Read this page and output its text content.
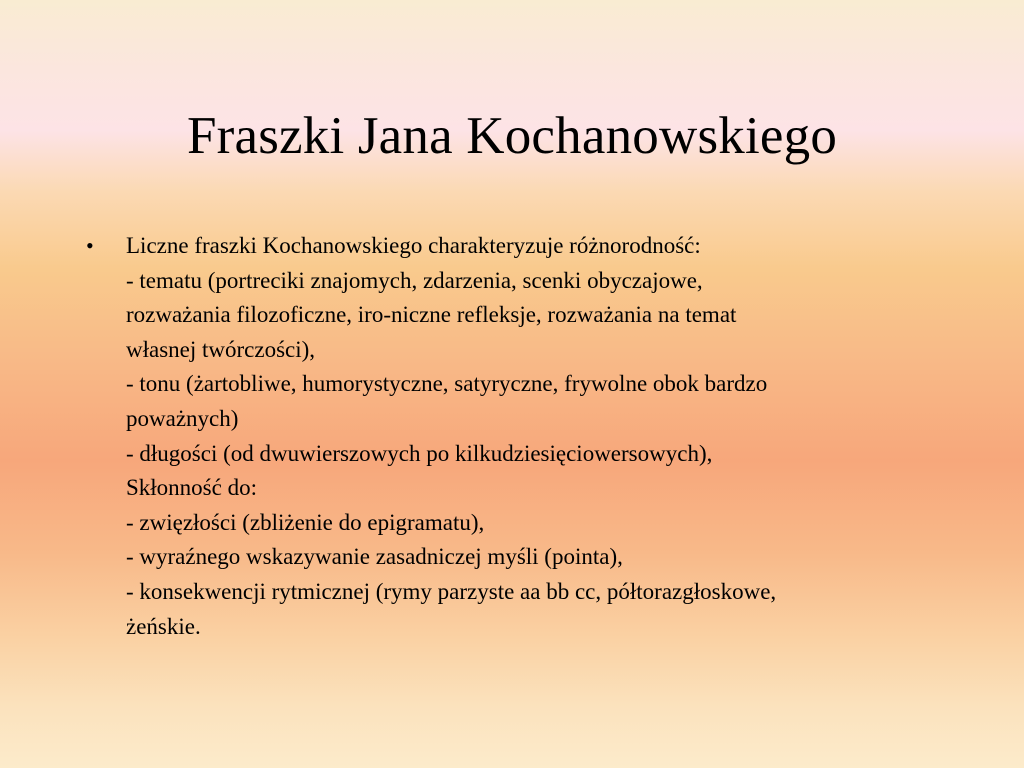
Fraszki Jana Kochanowskiego
•	Liczne fraszki Kochanowskiego charakteryzuje różnorodność:
- tematu (portreciki znajomych, zdarzenia, scenki obyczajowe,
rozważania filozoficzne, iro-niczne refleksje, rozważania na temat
własnej twórczości),
- tonu (żartobliwe, humorystyczne, satyryczne, frywolne obok bardzo
poważnych)
- długości (od dwuwierszowych po kilkudziesięciowersowych),
Skłonność do:
- zwięzłości (zbliżenie do epigramatu),
- wyraźnego wskazywanie zasadniczej myśli (pointa),
- konsekwencji rytmicznej (rymy parzyste aa bb cc, półtorazgłoskowe,
żeńskie.
